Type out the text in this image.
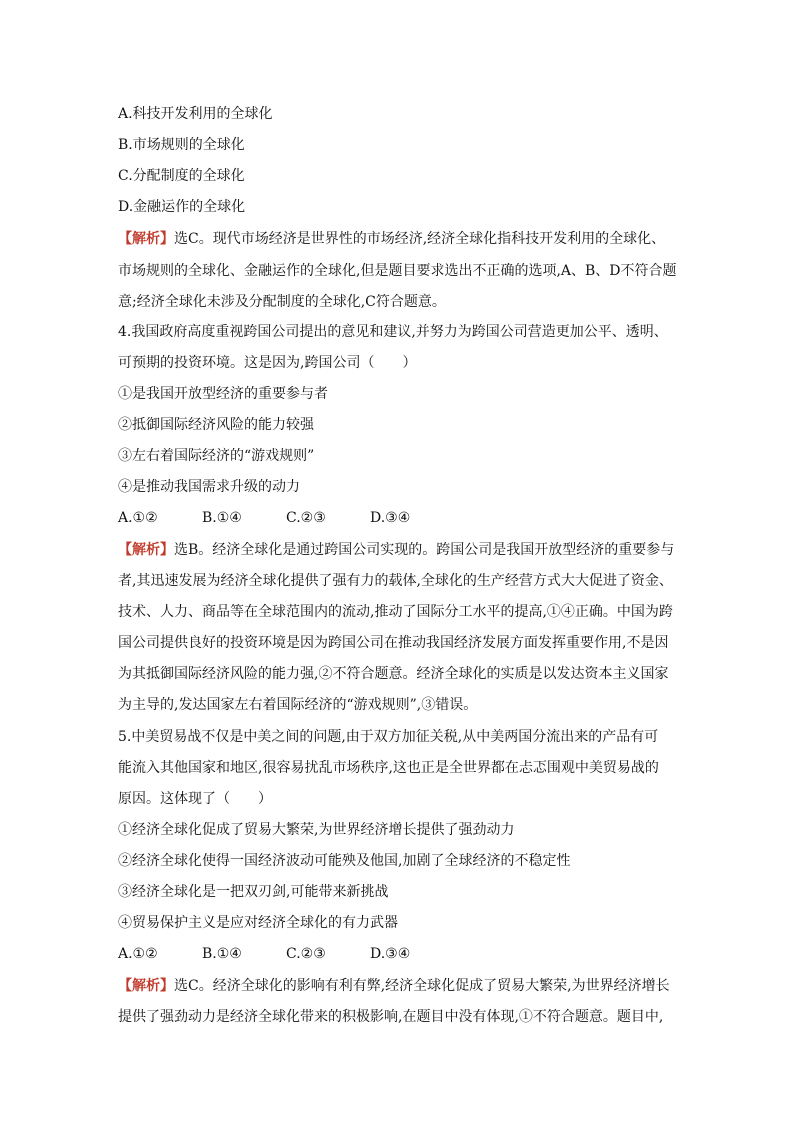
A.科技开发利用的全球化
B.市场规则的全球化
C.分配制度的全球化
D.金融运作的全球化
【解析】选C。现代市场经济是世界性的市场经济,经济全球化指科技开发利用的全球化、
市场规则的全球化、金融运作的全球化,但是题目要求选出不正确的选项,A、B、D不符合题
意;经济全球化未涉及分配制度的全球化,C符合题意。
4.我国政府高度重视跨国公司提出的意见和建议,并努力为跨国公司营造更加公平、透明、
可预期的投资环境。这是因为,跨国公司（　　）
①是我国开放型经济的重要参与者
②抵御国际经济风险的能力较强
③左右着国际经济的“游戏规则”
④是推动我国需求升级的动力
A.①②	B.①④	C.②③	D.③④
【解析】选B。经济全球化是通过跨国公司实现的。跨国公司是我国开放型经济的重要参与
者,其迅速发展为经济全球化提供了强有力的载体,全球化的生产经营方式大大促进了资金、
技术、人力、商品等在全球范围内的流动,推动了国际分工水平的提高,①④正确。中国为跨
国公司提供良好的投资环境是因为跨国公司在推动我国经济发展方面发挥重要作用,不是因
为其抵御国际经济风险的能力强,②不符合题意。经济全球化的实质是以发达资本主义国家
为主导的,发达国家左右着国际经济的“游戏规则”,③错误。
5.中美贸易战不仅是中美之间的问题,由于双方加征关税,从中美两国分流出来的产品有可
能流入其他国家和地区,很容易扰乱市场秩序,这也正是全世界都在忐忑围观中美贸易战的
原因。这体现了（　　）
①经济全球化促成了贸易大繁荣,为世界经济增长提供了强劲动力
②经济全球化使得一国经济波动可能殃及他国,加剧了全球经济的不稳定性
③经济全球化是一把双刃剑,可能带来新挑战
④贸易保护主义是应对经济全球化的有力武器
A.①②	B.①④	C.②③	D.③④
【解析】选C。经济全球化的影响有利有弊,经济全球化促成了贸易大繁荣,为世界经济增长
提供了强劲动力是经济全球化带来的积极影响,在题目中没有体现,①不符合题意。题目中,
